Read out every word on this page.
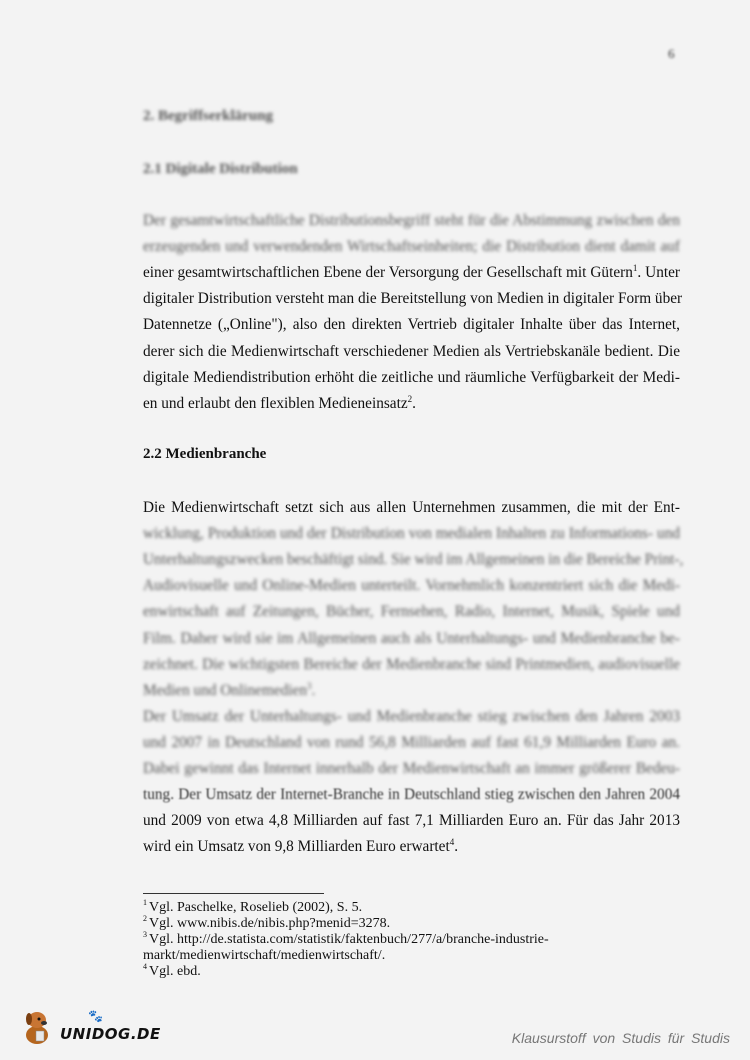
6
2. Begriffserklärung
2.1 Digitale Distribution
Der gesamtwirtschaftliche Distributionsbegriff steht für die Abstimmung zwischen den
erzeugenden und verwendenden Wirtschaftseinheiten; die Distribution dient damit auf
einer gesamtwirtschaftlichen Ebene der Versorgung der Gesellschaft mit Gütern$^1$. Unter
digitaler Distribution versteht man die Bereitstellung von Medien in digitaler Form über
Datennetze („Online"), also den direkten Vertrieb digitaler Inhalte über das Internet,
derer sich die Medienwirtschaft verschiedener Medien als Vertriebskanäle bedient. Die
digitale Mediendistribution erhöht die zeitliche und räumliche Verfügbarkeit der Medi-
en und erlaubt den flexiblen Medieneinsatz$^2$.
2.2 Medienbranche
Die Medienwirtschaft setzt sich aus allen Unternehmen zusammen, die mit der Ent-
wicklung, Produktion und der Distribution von medialen Inhalten zu Informations- und
Unterhaltungszwecken beschäftigt sind. Sie wird im Allgemeinen in die Bereiche Print-,
Audiovisuelle und Online-Medien unterteilt. Vornehmlich konzentriert sich die Medi-
enwirtschaft auf Zeitungen, Bücher, Fernsehen, Radio, Internet, Musik, Spiele und
Film. Daher wird sie im Allgemeinen auch als Unterhaltungs- und Medienbranche be-
zeichnet. Die wichtigsten Bereiche der Medienbranche sind Printmedien, audiovisuelle
Medien und Onlinemedien$^3$.
Der Umsatz der Unterhaltungs- und Medienbranche stieg zwischen den Jahren 2003
und 2007 in Deutschland von rund 56,8 Milliarden auf fast 61,9 Milliarden Euro an.
Dabei gewinnt das Internet innerhalb der Medienwirtschaft an immer größerer Bedeu-
tung. Der Umsatz der Internet-Branche in Deutschland stieg zwischen den Jahren 2004
und 2009 von etwa 4,8 Milliarden auf fast 7,1 Milliarden Euro an. Für das Jahr 2013
wird ein Umsatz von 9,8 Milliarden Euro erwartet$^4$.
$^1$ Vgl. Paschelke, Roselieb (2002), S. 5.
$^2$ Vgl. www.nibis.de/nibis.php?menid=3278.
$^3$ Vgl. http://de.statista.com/statistik/faktenbuch/277/a/branche-industrie-
markt/medienwirtschaft/medienwirtschaft/.
$^4$ Vgl. ebd.
🐾
UNIDOG.DE	Klausurstoff von Studis für Studis
